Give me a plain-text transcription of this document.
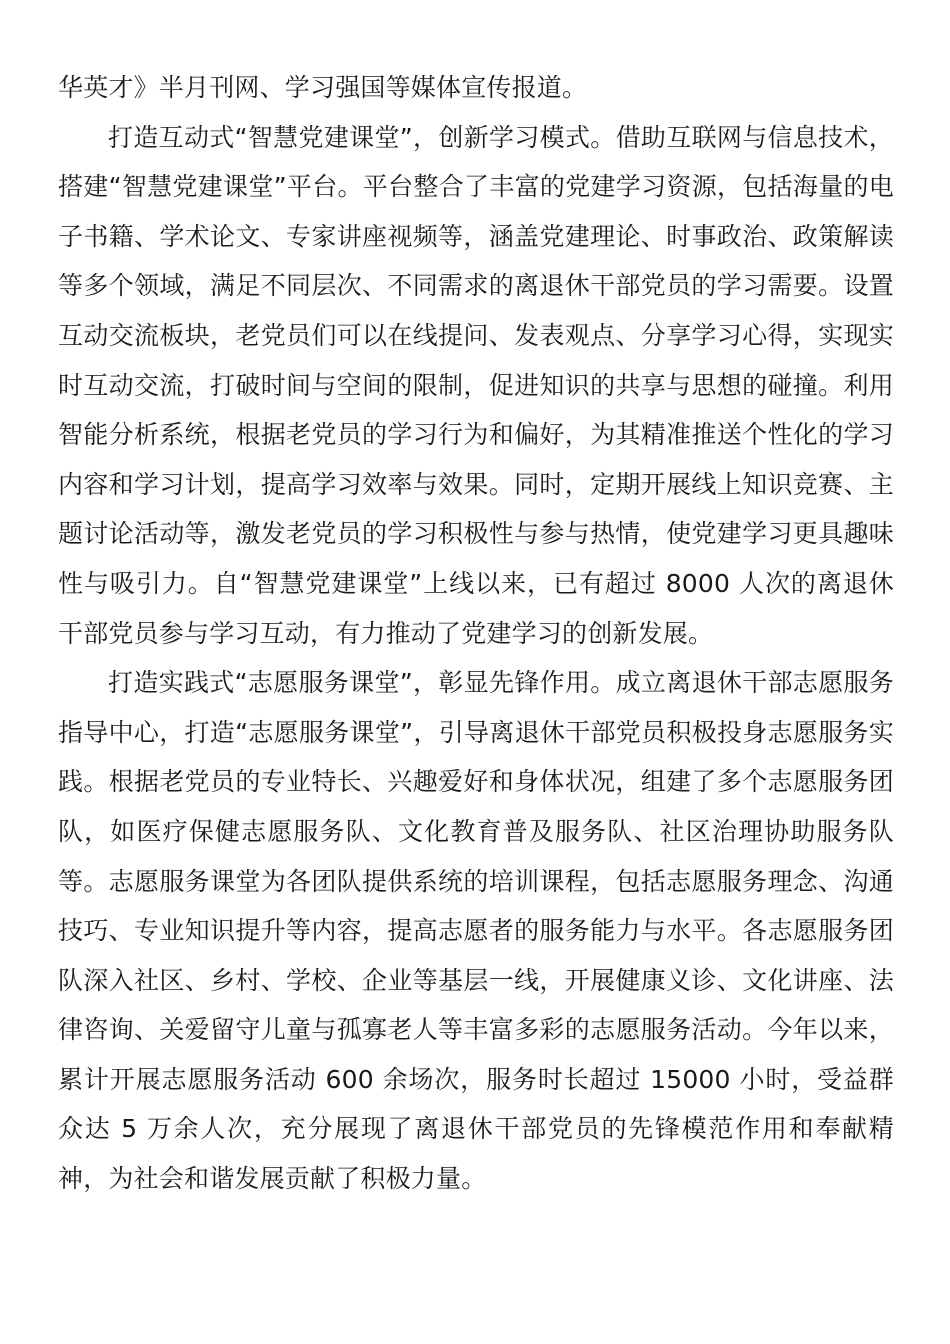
华英才》半月刊网、学习强国等媒体宣传报道。

打造互动式“智慧党建课堂”，创新学习模式。借助互联网与信息技术，搭建“智慧党建课堂”平台。平台整合了丰富的党建学习资源，包括海量的电子书籍、学术论文、专家讲座视频等，涵盖党建理论、时事政治、政策解读等多个领域，满足不同层次、不同需求的离退休干部党员的学习需要。设置互动交流板块，老党员们可以在线提问、发表观点、分享学习心得，实现实时互动交流，打破时间与空间的限制，促进知识的共享与思想的碰撞。利用智能分析系统，根据老党员的学习行为和偏好，为其精准推送个性化的学习内容和学习计划，提高学习效率与效果。同时，定期开展线上知识竞赛、主题讨论活动等，激发老党员的学习积极性与参与热情，使党建学习更具趣味性与吸引力。自“智慧党建课堂”上线以来，已有超过 8000 人次的离退休干部党员参与学习互动，有力推动了党建学习的创新发展。

打造实践式“志愿服务课堂”，彰显先锋作用。成立离退休干部志愿服务指导中心，打造“志愿服务课堂”，引导离退休干部党员积极投身志愿服务实践。根据老党员的专业特长、兴趣爱好和身体状况，组建了多个志愿服务团队，如医疗保健志愿服务队、文化教育普及服务队、社区治理协助服务队等。志愿服务课堂为各团队提供系统的培训课程，包括志愿服务理念、沟通技巧、专业知识提升等内容，提高志愿者的服务能力与水平。各志愿服务团队深入社区、乡村、学校、企业等基层一线，开展健康义诊、文化讲座、法律咨询、关爱留守儿童与孤寡老人等丰富多彩的志愿服务活动。今年以来，累计开展志愿服务活动 600 余场次，服务时长超过 15000 小时，受益群众达 5 万余人次，充分展现了离退休干部党员的先锋模范作用和奉献精神，为社会和谐发展贡献了积极力量。
